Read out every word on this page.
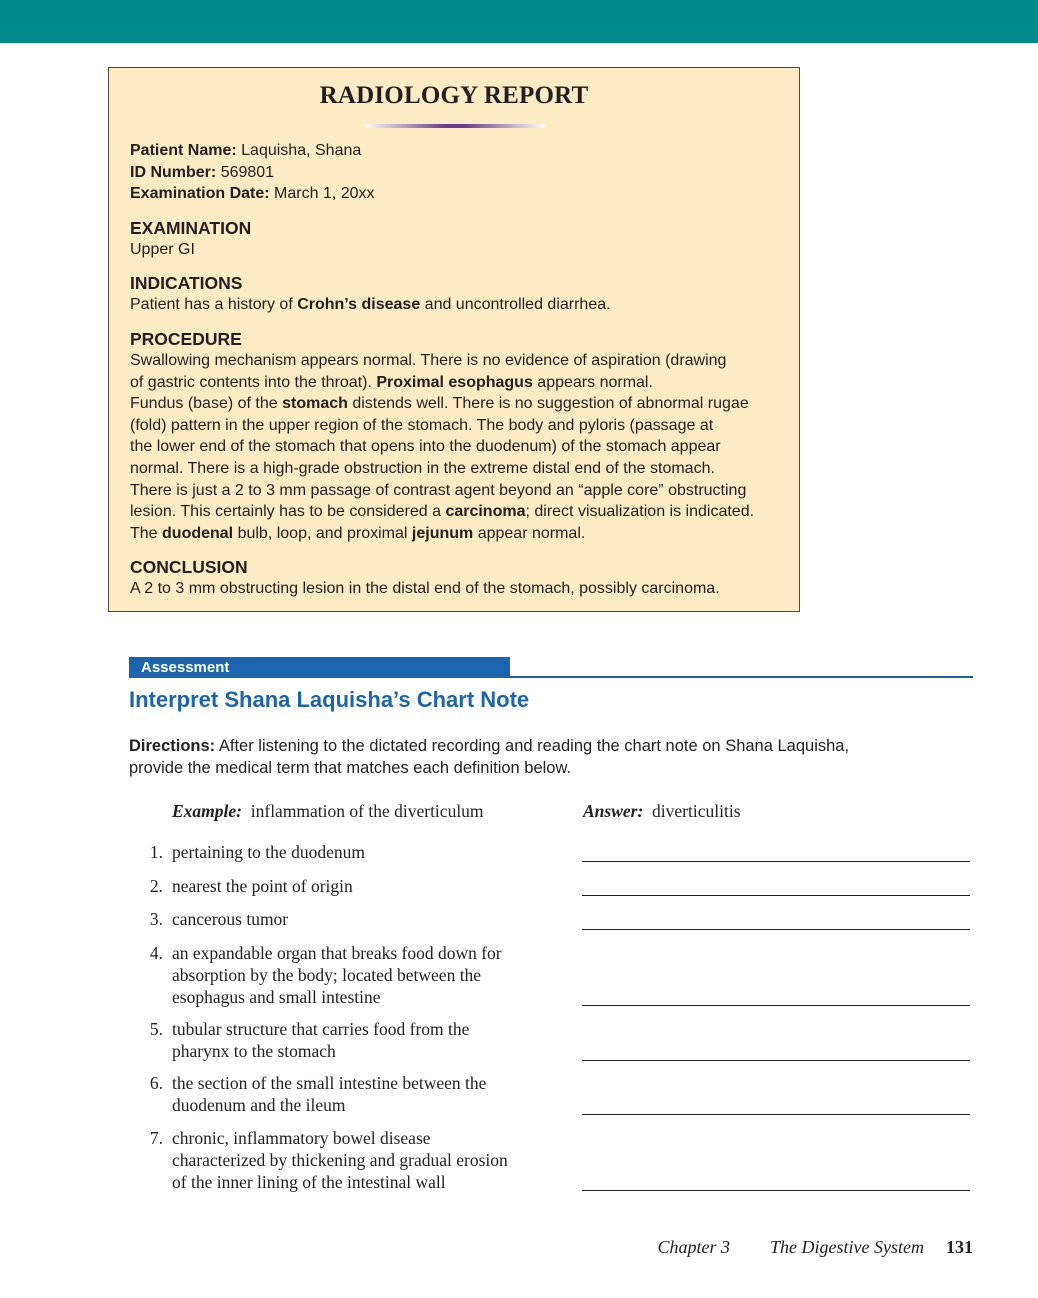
RADIOLOGY REPORT
Patient Name: Laquisha, Shana
ID Number: 569801
Examination Date: March 1, 20xx
EXAMINATION
Upper GI
INDICATIONS
Patient has a history of Crohn’s disease and uncontrolled diarrhea.
PROCEDURE
Swallowing mechanism appears normal. There is no evidence of aspiration (drawing
of gastric contents into the throat). Proximal esophagus appears normal.
Fundus (base) of the stomach distends well. There is no suggestion of abnormal rugae
(fold) pattern in the upper region of the stomach. The body and pyloris (passage at
the lower end of the stomach that opens into the duodenum) of the stomach appear
normal. There is a high-grade obstruction in the extreme distal end of the stomach.
There is just a 2 to 3 mm passage of contrast agent beyond an “apple core” obstructing
lesion. This certainly has to be considered a carcinoma; direct visualization is indicated.
The duodenal bulb, loop, and proximal jejunum appear normal.
CONCLUSION
A 2 to 3 mm obstructing lesion in the distal end of the stomach, possibly carcinoma.
Assessment
Interpret Shana Laquisha’s Chart Note
Directions: After listening to the dictated recording and reading the chart note on Shana Laquisha,
provide the medical term that matches each definition below.
Example: inflammation of the diverticulum	Answer: diverticulitis
1. pertaining to the duodenum
2. nearest the point of origin
3. cancerous tumor
4. an expandable organ that breaks food down for
absorption by the body; located between the
esophagus and small intestine
5. tubular structure that carries food from the
pharynx to the stomach
6. the section of the small intestine between the
duodenum and the ileum
7. chronic, inflammatory bowel disease
characterized by thickening and gradual erosion
of the inner lining of the intestinal wall
Chapter 3 The Digestive System 131
